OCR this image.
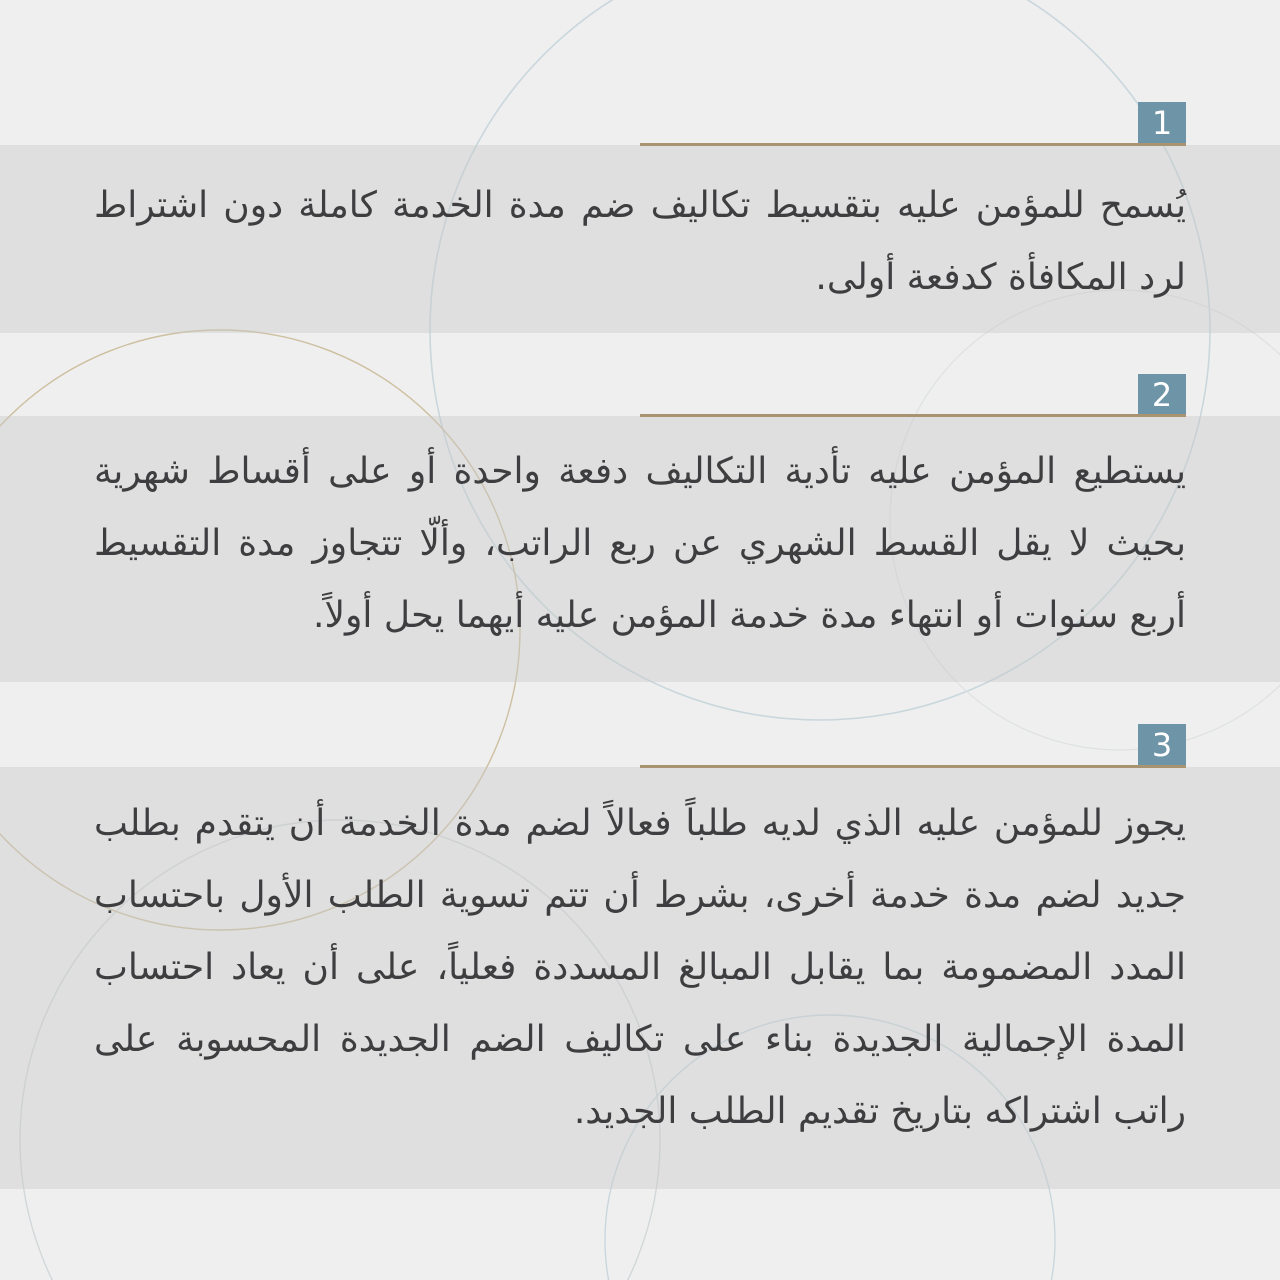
1

يُسمح للمؤمن عليه بتقسيط تكاليف ضم مدة الخدمة كاملة دون اشتراط لرد المكافأة كدفعة أولى.

2

يستطيع المؤمن عليه تأدية التكاليف دفعة واحدة أو على أقساط شهرية بحيث لا يقل القسط الشهري عن ربع الراتب، وألّا تتجاوز مدة التقسيط أربع سنوات أو انتهاء مدة خدمة المؤمن عليه أيهما يحل أولاً.

3

يجوز للمؤمن عليه الذي لديه طلباً فعالاً لضم مدة الخدمة أن يتقدم بطلب جديد لضم مدة خدمة أخرى، بشرط أن تتم تسوية الطلب الأول باحتساب المدد المضمومة بما يقابل المبالغ المسددة فعلياً، على أن يعاد احتساب المدة الإجمالية الجديدة بناء على تكاليف الضم الجديدة المحسوبة على راتب اشتراكه بتاريخ تقديم الطلب الجديد.
